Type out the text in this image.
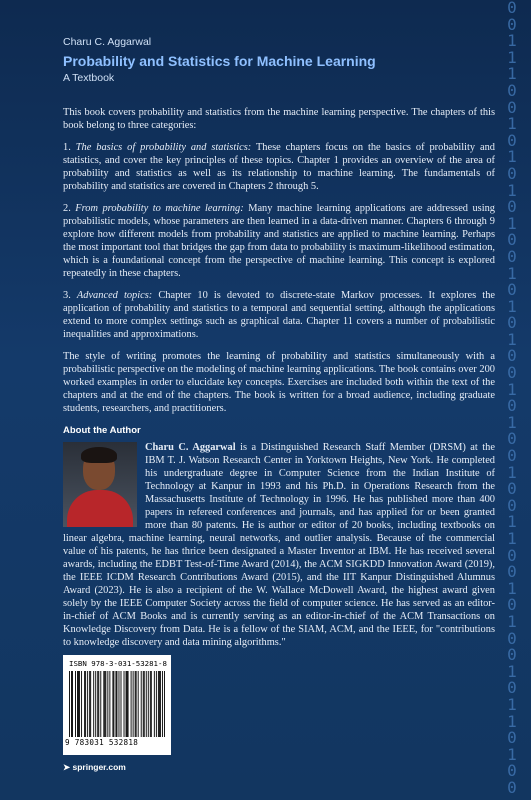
0
0
1
1
1
0
0
1
0
1
0
1
0
1
0
0
1
0
1
0
1
0
0
1
0
1
0
0
1
0
0
1
1
0
0
1
0
1
0
0
1
0
1
1
0
1
0
0

Charu C. Aggarwal

Probability and Statistics for Machine Learning

A Textbook

This book covers probability and statistics from the machine learning perspective. The chapters of this book belong to three categories:

1. The basics of probability and statistics: These chapters focus on the basics of probability and statistics, and cover the key principles of these topics. Chapter 1 provides an overview of the area of probability and statistics as well as its relationship to machine learning. The fundamentals of probability and statistics are covered in Chapters 2 through 5.

2. From probability to machine learning: Many machine learning applications are addressed using probabilistic models, whose parameters are then learned in a data-driven manner. Chapters 6 through 9 explore how different models from probability and statistics are applied to machine learning. Perhaps the most important tool that bridges the gap from data to probability is maximum-likelihood estimation, which is a foundational concept from the perspective of machine learning. This concept is explored repeatedly in these chapters.

3. Advanced topics: Chapter 10 is devoted to discrete-state Markov processes. It explores the application of probability and statistics to a temporal and sequential setting, although the applications extend to more complex settings such as graphical data. Chapter 11 covers a number of probabilistic inequalities and approximations.

The style of writing promotes the learning of probability and statistics simultaneously with a probabilistic perspective on the modeling of machine learning applications. The book contains over 200 worked examples in order to elucidate key concepts. Exercises are included both within the text of the chapters and at the end of the chapters. The book is written for a broad audience, including graduate students, researchers, and practitioners.

About the Author

Charu C. Aggarwal is a Distinguished Research Staff Member (DRSM) at the IBM T. J. Watson Research Center in Yorktown Heights, New York. He completed his undergraduate degree in Computer Science from the Indian Institute of Technology at Kanpur in 1993 and his Ph.D. in Operations Research from the Massachusetts Institute of Technology in 1996. He has published more than 400 papers in refereed conferences and journals, and has applied for or been granted more than 80 patents. He is author or editor of 20 books, including textbooks on linear algebra, machine learning, neural networks, and outlier analysis. Because of the commercial value of his patents, he has thrice been designated a Master Inventor at IBM. He has received several awards, including the EDBT Test-of-Time Award (2014), the ACM SIGKDD Innovation Award (2019), the IEEE ICDM Research Contributions Award (2015), and the IIT Kanpur Distinguished Alumnus Award (2023). He is also a recipient of the W. Wallace McDowell Award, the highest award given solely by the IEEE Computer Society across the field of computer science. He has served as an editor-in-chief of ACM Books and is currently serving as an editor-in-chief of the ACM Transactions on Knowledge Discovery from Data. He is a fellow of the SIAM, ACM, and the IEEE, for "contributions to knowledge discovery and data mining algorithms."

ISBN 978-3-031-53281-8
9 783031 532818
➤ springer.com
